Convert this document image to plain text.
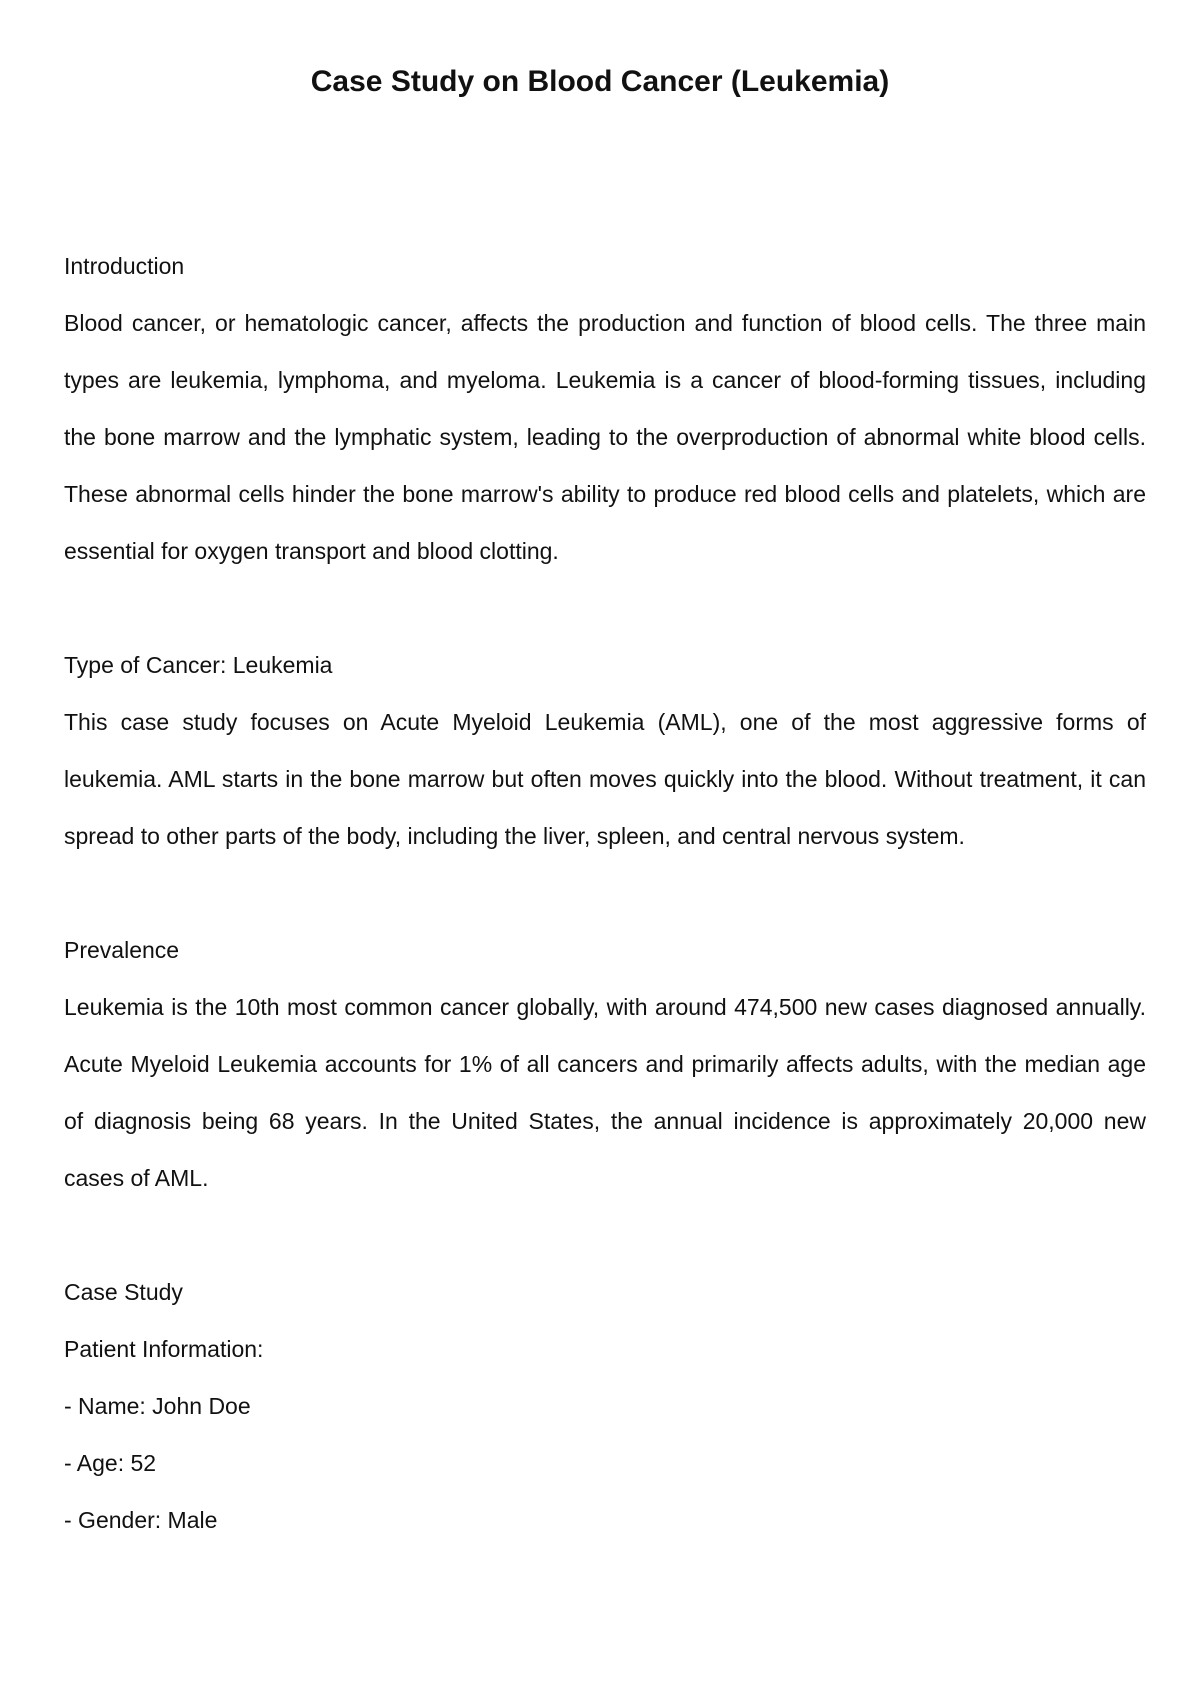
Case Study on Blood Cancer (Leukemia)

Introduction

Blood cancer, or hematologic cancer, affects the production and function of blood cells. The three main types are leukemia, lymphoma, and myeloma. Leukemia is a cancer of blood-forming tissues, including the bone marrow and the lymphatic system, leading to the overproduction of abnormal white blood cells. These abnormal cells hinder the bone marrow's ability to produce red blood cells and platelets, which are essential for oxygen transport and blood clotting.

Type of Cancer: Leukemia

This case study focuses on Acute Myeloid Leukemia (AML), one of the most aggressive forms of leukemia. AML starts in the bone marrow but often moves quickly into the blood. Without treatment, it can spread to other parts of the body, including the liver, spleen, and central nervous system.

Prevalence

Leukemia is the 10th most common cancer globally, with around 474,500 new cases diagnosed annually. Acute Myeloid Leukemia accounts for 1% of all cancers and primarily affects adults, with the median age of diagnosis being 68 years. In the United States, the annual incidence is approximately 20,000 new cases of AML.

Case Study

Patient Information:

- Name: John Doe
- Age: 52
- Gender: Male
